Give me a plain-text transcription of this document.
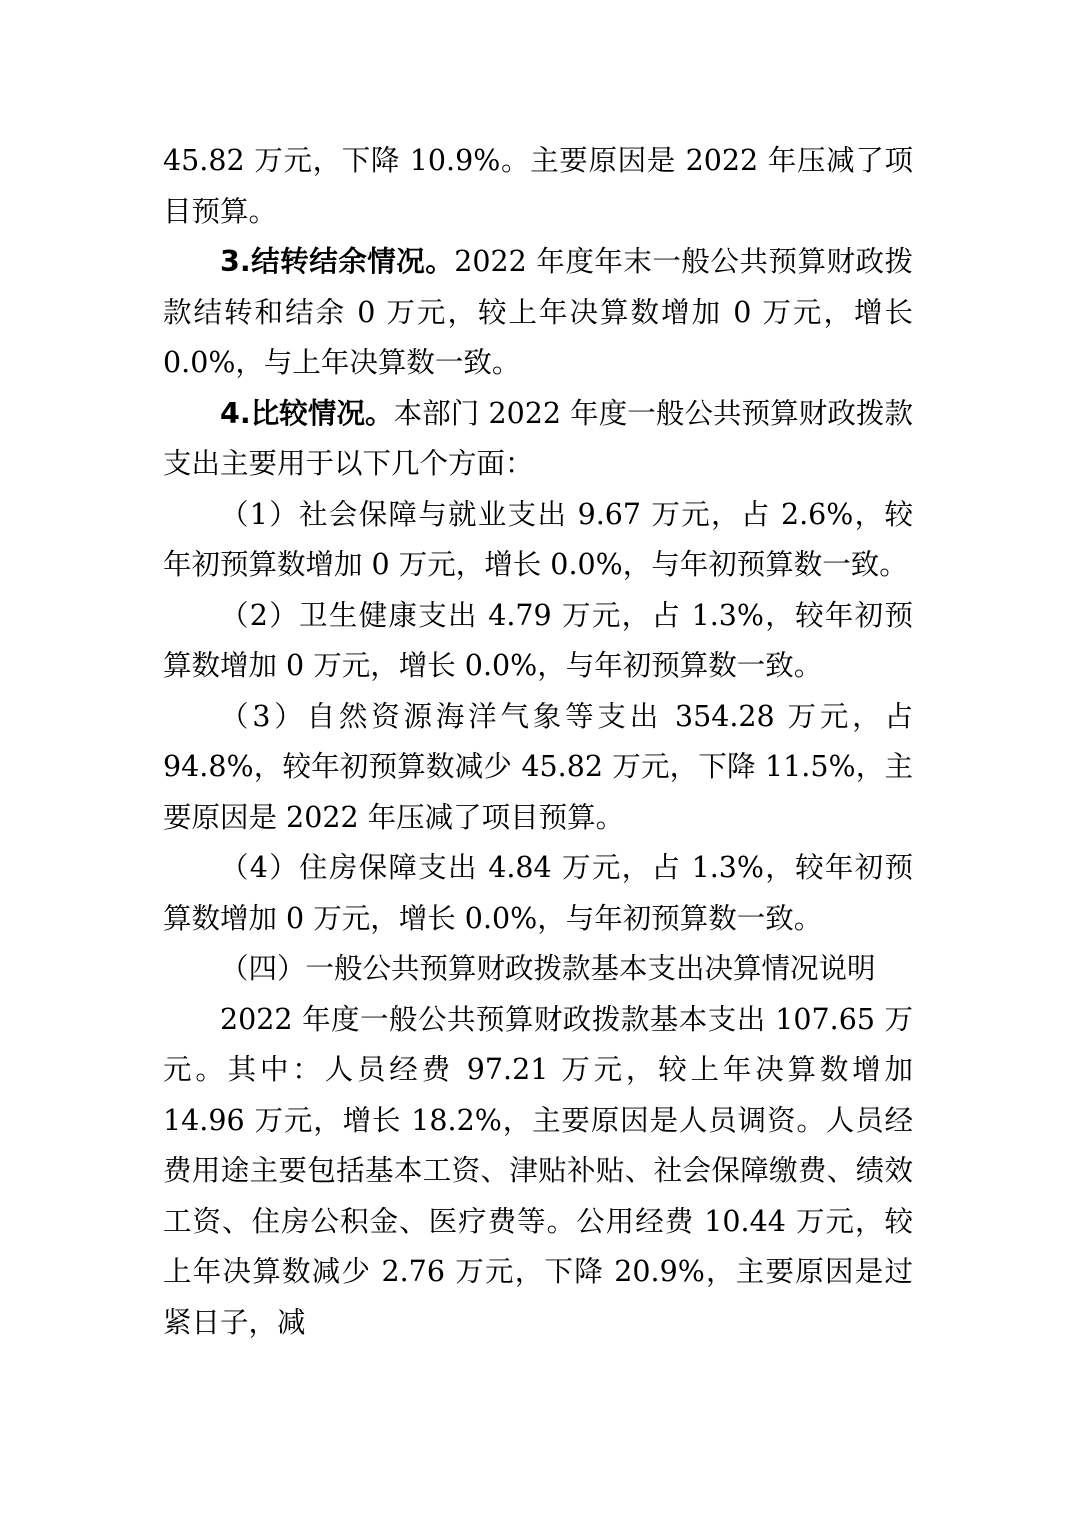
45.82 万元，下降 10.9%。主要原因是 2022 年压减了项目预算。

3.结转结余情况。2022 年度年末一般公共预算财政拨款结转和结余 0 万元，较上年决算数增加 0 万元，增长 0.0%，与上年决算数一致。

4.比较情况。本部门 2022 年度一般公共预算财政拨款支出主要用于以下几个方面：

（1）社会保障与就业支出 9.67 万元，占 2.6%，较年初预算数增加 0 万元，增长 0.0%，与年初预算数一致。

（2）卫生健康支出 4.79 万元，占 1.3%，较年初预算数增加 0 万元，增长 0.0%，与年初预算数一致。

（3）自然资源海洋气象等支出 354.28 万元，占 94.8%，较年初预算数减少 45.82 万元，下降 11.5%，主要原因是 2022 年压减了项目预算。

（4）住房保障支出 4.84 万元，占 1.3%，较年初预算数增加 0 万元，增长 0.0%，与年初预算数一致。

（四）一般公共预算财政拨款基本支出决算情况说明

2022 年度一般公共预算财政拨款基本支出 107.65 万元。其中：人员经费 97.21 万元，较上年决算数增加 14.96 万元，增长 18.2%，主要原因是人员调资。人员经费用途主要包括基本工资、津贴补贴、社会保障缴费、绩效工资、住房公积金、医疗费等。公用经费 10.44 万元，较上年决算数减少 2.76 万元，下降 20.9%，主要原因是过紧日子，减
